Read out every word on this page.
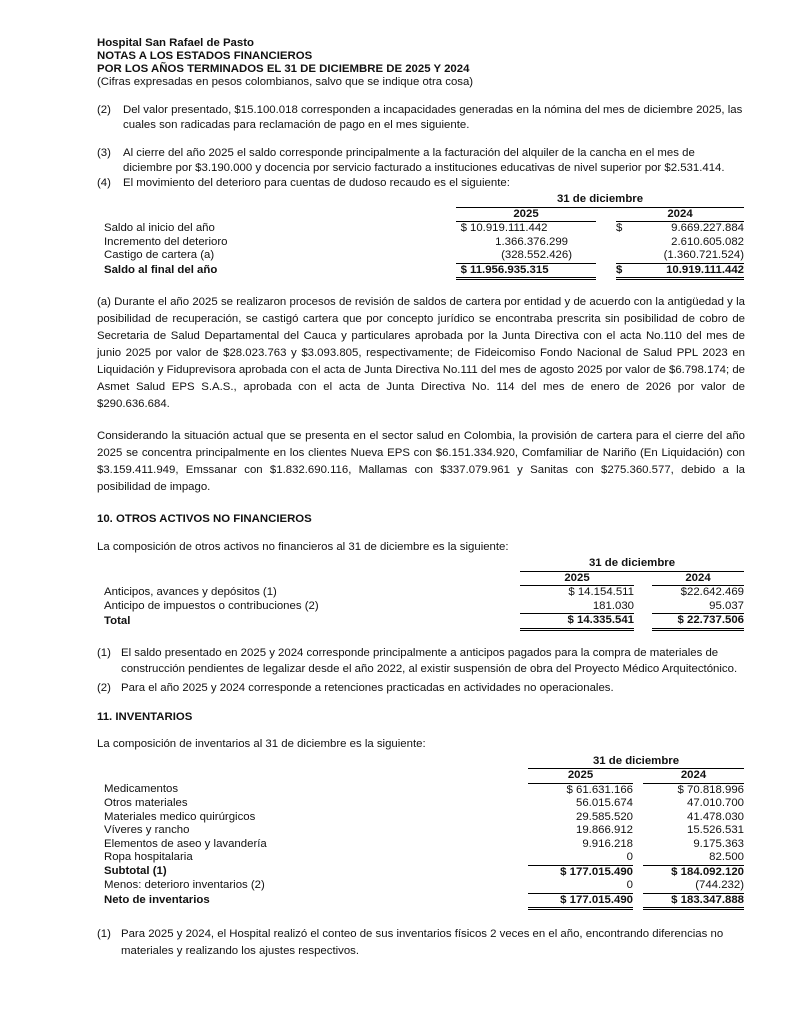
Hospital San Rafael de Pasto
NOTAS A LOS ESTADOS FINANCIEROS
POR LOS AÑOS TERMINADOS EL 31 DE DICIEMBRE DE 2025 Y 2024
(Cifras expresadas en pesos colombianos, salvo que se indique otra cosa)
(2) Del valor presentado, $15.100.018 corresponden a incapacidades generadas en la nómina del mes de diciembre 2025, las cuales son radicadas para reclamación de pago en el mes siguiente.
(3) Al cierre del año 2025 el saldo corresponde principalmente a la facturación del alquiler de la cancha en el mes de diciembre por $3.190.000 y docencia por servicio facturado a instituciones educativas de nivel superior por $2.531.414.
(4) El movimiento del deterioro para cuentas de dudoso recaudo es el siguiente:
	31 de diciembre				
	2025			2024	
Saldo al inicio del año	$	10.919.111.442		$	9.669.227.884
Incremento del deterioro		1.366.376.299			2.610.605.082
Castigo de cartera (a)		(328.552.426)			(1.360.721.524)
Saldo al final del año	$	11.956.935.315		$	10.919.111.442

(a) Durante el año 2025 se realizaron procesos de revisión de saldos de cartera por entidad y de acuerdo con la antigüedad y la posibilidad de recuperación, se castigó cartera que por concepto jurídico se encontraba prescrita sin posibilidad de cobro de Secretaria de Salud Departamental del Cauca y particulares aprobada por la Junta Directiva con el acta No.110 del mes de junio 2025 por valor de $28.023.763 y $3.093.805, respectivamente; de Fideicomiso Fondo Nacional de Salud PPL 2023 en Liquidación y Fiduprevisora aprobada con el acta de Junta Directiva No.111 del mes de agosto 2025 por valor de $6.798.174; de Asmet Salud EPS S.A.S., aprobada con el acta de Junta Directiva No. 114 del mes de enero de 2026 por valor de $290.636.684.

Considerando la situación actual que se presenta en el sector salud en Colombia, la provisión de cartera para el cierre del año 2025 se concentra principalmente en los clientes Nueva EPS con $6.151.334.920, Comfamiliar de Nariño (En Liquidación) con $3.159.411.949, Emssanar con $1.832.690.116, Mallamas con $337.079.961 y Sanitas con $275.360.577, debido a la posibilidad de impago.

10. OTROS ACTIVOS NO FINANCIEROS

La composición de otros activos no financieros al 31 de diciembre es la siguiente:

	31 de diciembre		
	2025		2024
Anticipos, avances y depósitos (1)	$ 14.154.511		$22.642.469
Anticipo de impuestos o contribuciones (2)	181.030		95.037
Total	$ 14.335.541		$ 22.737.506
(1) El saldo presentado en 2025 y 2024 corresponde principalmente a anticipos pagados para la compra de materiales de construcción pendientes de legalizar desde el año 2022, al existir suspensión de obra del Proyecto Médico Arquitectónico.
(2) Para el año 2025 y 2024 corresponde a retenciones practicadas en actividades no operacionales.
11. INVENTARIOS

La composición de inventarios al 31 de diciembre es la siguiente:

	31 de diciembre		
	2025		2024
Medicamentos	$ 61.631.166		$ 70.818.996
Otros materiales	56.015.674		47.010.700
Materiales medico quirúrgicos	29.585.520		41.478.030
Víveres y rancho	19.866.912		15.526.531
Elementos de aseo y lavandería	9.916.218		9.175.363
Ropa hospitalaria	0		82.500
Subtotal (1)	$ 177.015.490		$ 184.092.120
Menos: deterioro inventarios (2)	0		(744.232)
Neto de inventarios	$ 177.015.490		$ 183.347.888
(1) Para 2025 y 2024, el Hospital realizó el conteo de sus inventarios físicos 2 veces en el año, encontrando diferencias no materiales y realizando los ajustes respectivos.
